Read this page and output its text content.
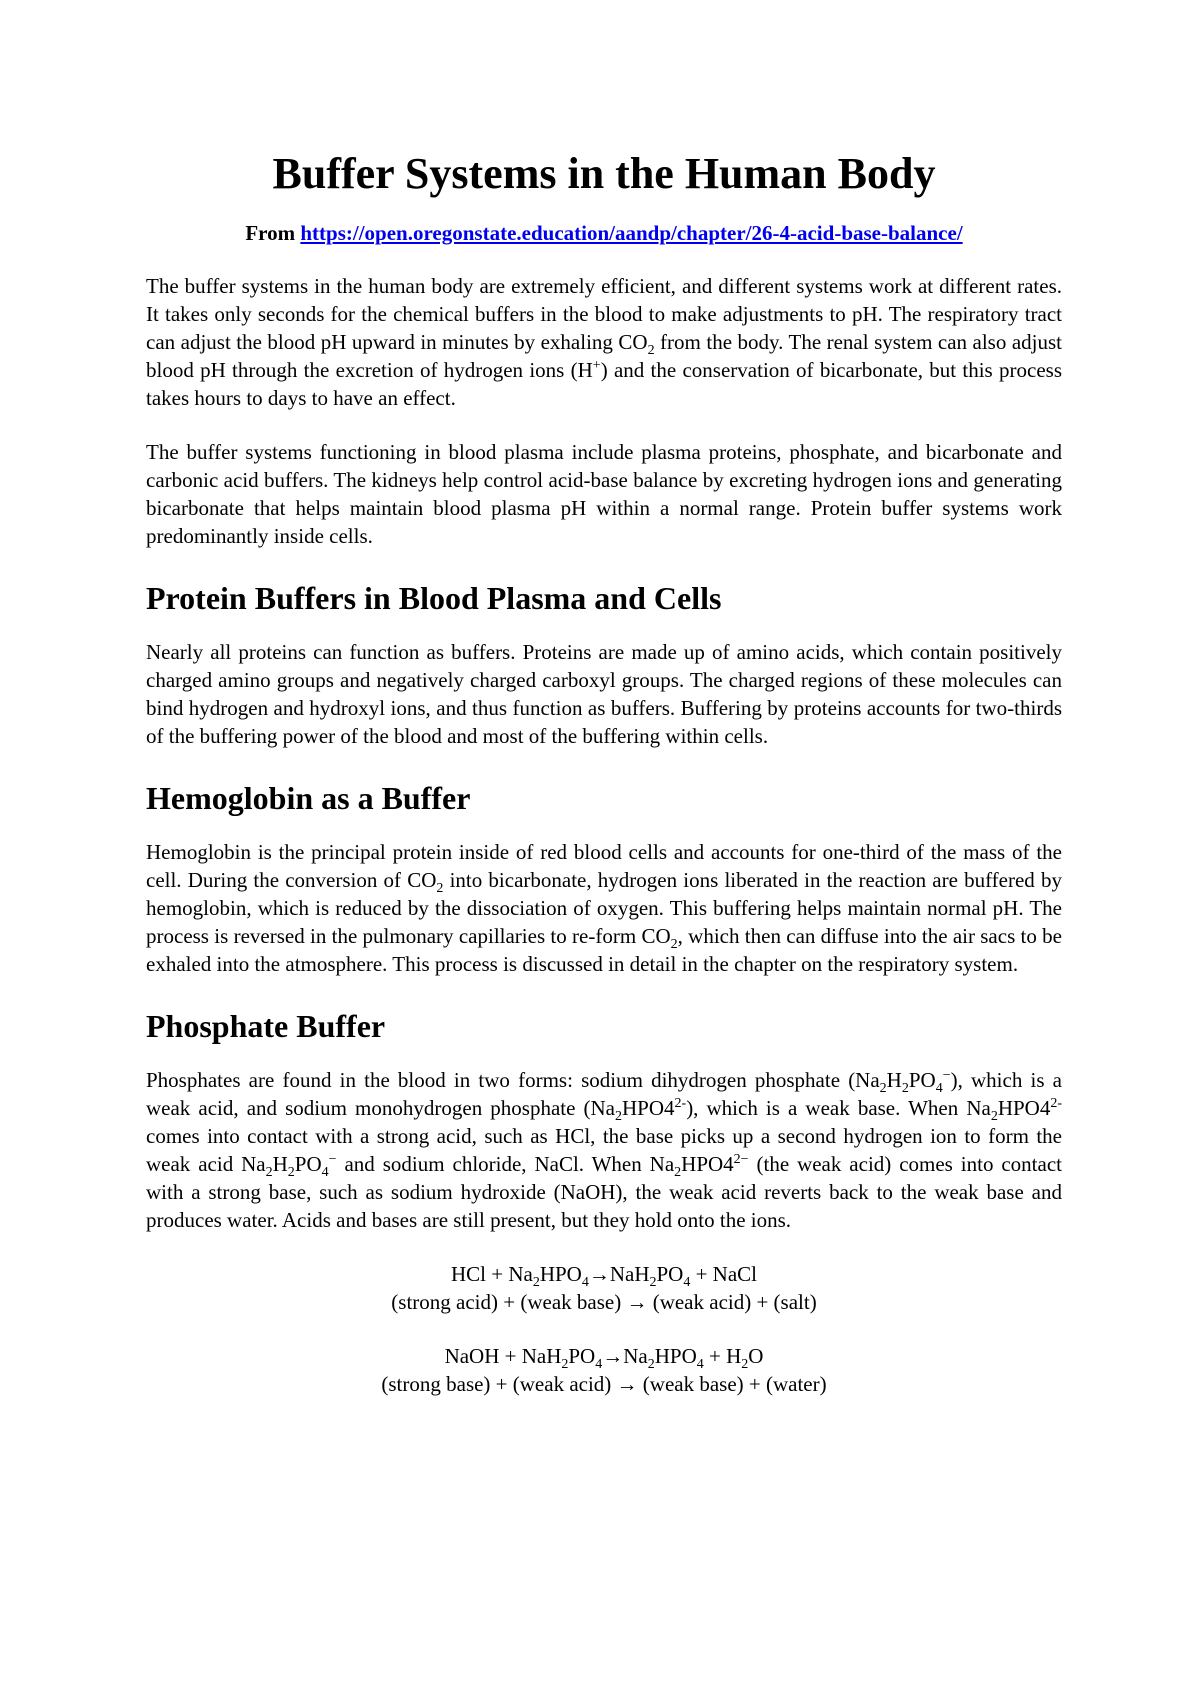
Buffer Systems in the Human Body
From https://open.oregonstate.education/aandp/chapter/26-4-acid-base-balance/

The buffer systems in the human body are extremely efficient, and different systems work at different rates. It takes only seconds for the chemical buffers in the blood to make adjustments to pH. The respiratory tract can adjust the blood pH upward in minutes by exhaling $CO_2$ from the body. The renal system can also adjust blood pH through the excretion of hydrogen ions (H+) and the conservation of bicarbonate, but this process takes hours to days to have an effect.

The buffer systems functioning in blood plasma include plasma proteins, phosphate, and bicarbonate and carbonic acid buffers. The kidneys help control acid-base balance by excreting hydrogen ions and generating bicarbonate that helps maintain blood plasma pH within a normal range. Protein buffer systems work predominantly inside cells.

Protein Buffers in Blood Plasma and Cells

Nearly all proteins can function as buffers. Proteins are made up of amino acids, which contain positively charged amino groups and negatively charged carboxyl groups. The charged regions of these molecules can bind hydrogen and hydroxyl ions, and thus function as buffers. Buffering by proteins accounts for two-thirds of the buffering power of the blood and most of the buffering within cells.

Hemoglobin as a Buffer

Hemoglobin is the principal protein inside of red blood cells and accounts for one-third of the mass of the cell. During the conversion of $CO_2$ into bicarbonate, hydrogen ions liberated in the reaction are buffered by hemoglobin, which is reduced by the dissociation of oxygen. This buffering helps maintain normal pH. The process is reversed in the pulmonary capillaries to re-form $CO_2$, which then can diffuse into the air sacs to be exhaled into the atmosphere. This process is discussed in detail in the chapter on the respiratory system.

Phosphate Buffer

Phosphates are found in the blood in two forms: sodium dihydrogen phosphate $(Na_2H_2PO_4^-)$, which is a weak acid, and sodium monohydrogen phosphate $(Na_2HPO4^{2-})$, which is a weak base. When $Na_2HPO4^{2-}$ comes into contact with a strong acid, such as HCl, the base picks up a second hydrogen ion to form the weak acid $Na_2H_2PO_4^-$ and sodium chloride, NaCl. When $Na_2HPO4^{2-}$ (the weak acid) comes into contact with a strong base, such as sodium hydroxide (NaOH), the weak acid reverts back to the weak base and produces water. Acids and bases are still present, but they hold onto the ions.

HCl + $Na_2HPO_4\to NaH_2PO_4$ + NaCl

(strong acid) + (weak base) → (weak acid) + (salt)

NaOH + $NaH_2PO_4\to Na_2HPO_4 + H_2O$

(strong base) + (weak acid) → (weak base) + (water)
